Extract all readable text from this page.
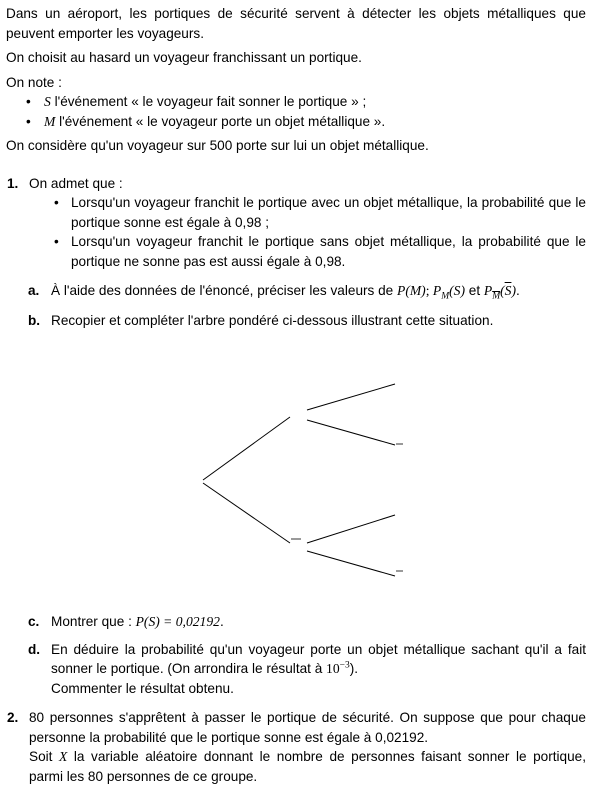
Dans un aéroport, les portiques de sécurité servent à détecter les objets métalliques que peuvent emporter les voyageurs.

On choisit au hasard un voyageur franchissant un portique.

On note :

• S l'événement « le voyageur fait sonner le portique » ;
• M l'événement « le voyageur porte un objet métallique ».

On considère qu'un voyageur sur 500 porte sur lui un objet métallique.

1. On admet que :

• Lorsqu'un voyageur franchit le portique avec un objet métallique, la probabilité que le portique sonne est égale à 0,98 ;
• Lorsqu'un voyageur franchit le portique sans objet métallique, la probabilité que le portique ne sonne pas est aussi égale à 0,98.
a. À l'aide des données de l'énoncé, préciser les valeurs de P(M); $P_M(S)$ et $P_{\overline{M}}(\overline{S})$.
b. Recopier et compléter l'arbre pondéré ci-dessous illustrant cette situation.
c. Montrer que : P(S) = 0,02192.
d. En déduire la probabilité qu'un voyageur porte un objet métallique sachant qu'il a fait sonner le portique. (On arrondira le résultat à $10^{-3}$).
Commenter le résultat obtenu.
2. 80 personnes s'apprêtent à passer le portique de sécurité. On suppose que pour chaque personne la probabilité que le portique sonne est égale à 0,02192.

Soit X la variable aléatoire donnant le nombre de personnes faisant sonner le portique, parmi les 80 personnes de ce groupe.
